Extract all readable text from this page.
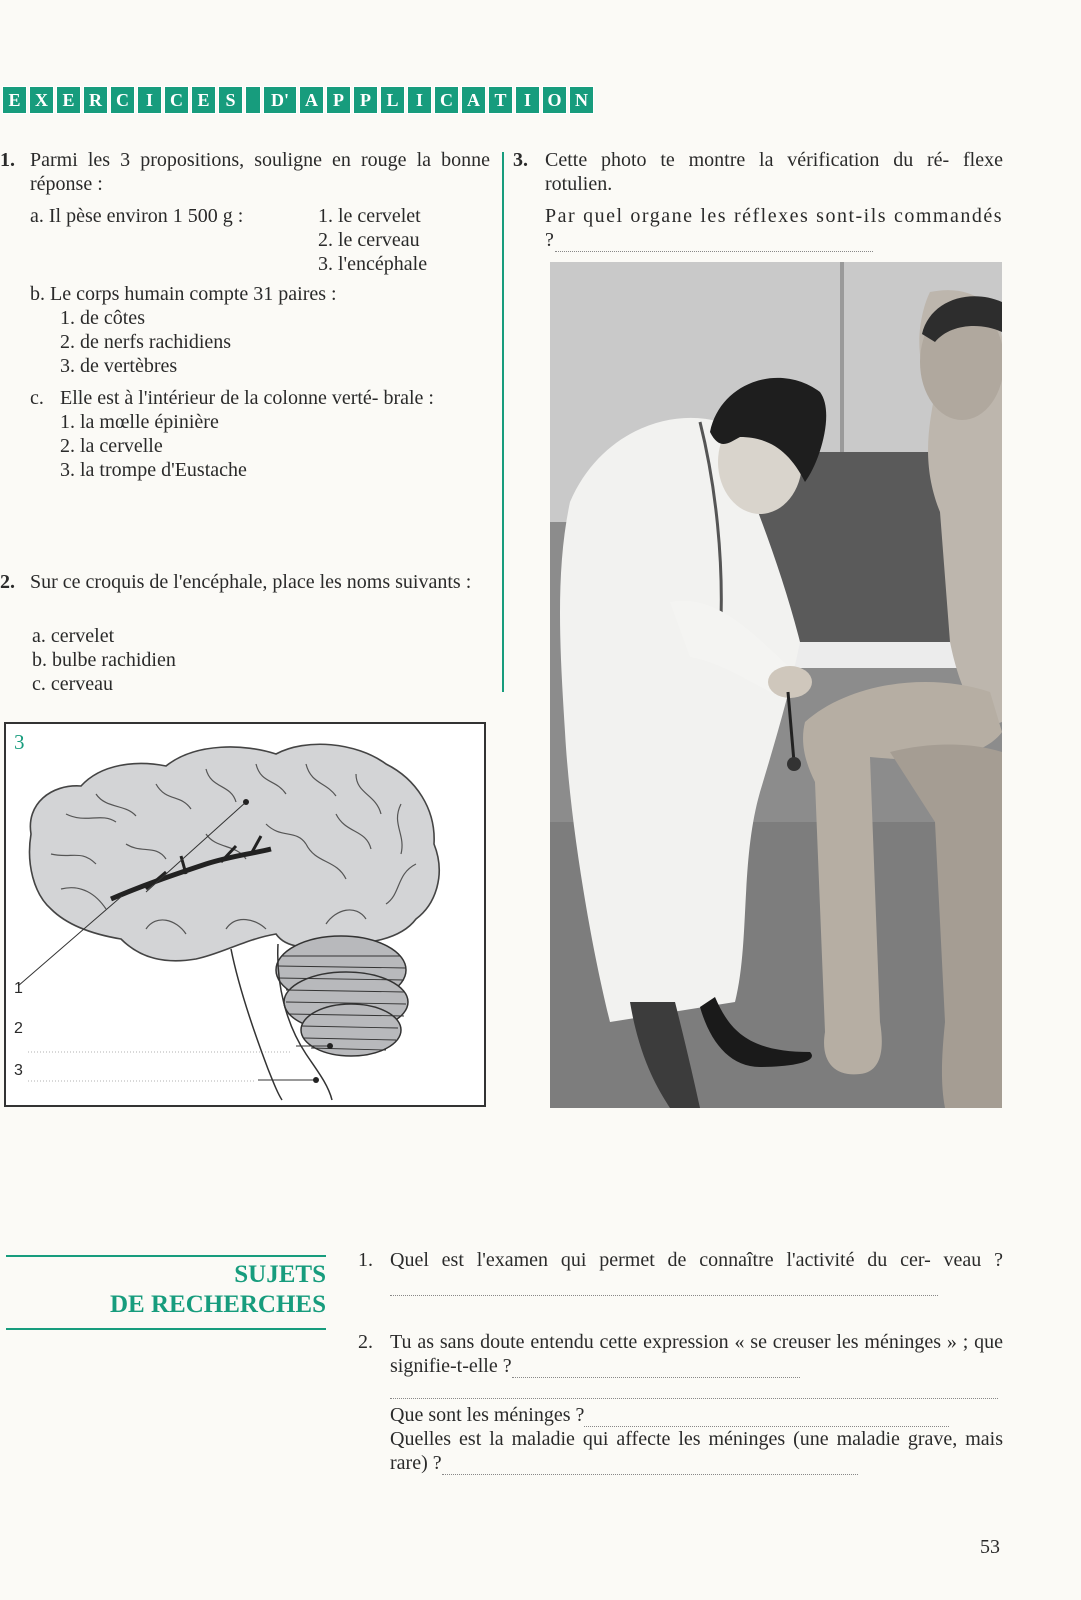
E X E R C I C E S	D' A P P L I C A T I O N
1. Parmi les 3 propositions, souligne en rouge la bonne réponse :
a. Il pèse environ 1 500 g :	1. le cervelet
2. le cerveau
3. l'encéphale
b. Le corps humain compte 31 paires :
1. de côtes
2. de nerfs rachidiens
3. de vertèbres
c. Elle est à l'intérieur de la colonne verté- brale :
1. la mœlle épinière
2. la cervelle
3. la trompe d'Eustache
2. Sur ce croquis de l'encéphale, place les noms suivants :
a. cervelet
b. bulbe rachidien
c. cerveau
3
1
2
3
3. Cette photo te montre la vérification du ré- flexe rotulien.
Par quel organe les réflexes sont-ils commandés ?
SUJETS
DE RECHERCHES
1. Quel est l'examen qui permet de connaître l'activité du cer- veau ?
2. Tu as sans doute entendu cette expression « se creuser les méninges » ; que signifie-t-elle ?
Que sont les méninges ?
Quelles est la maladie qui affecte les méninges (une maladie grave, mais rare) ?
53
